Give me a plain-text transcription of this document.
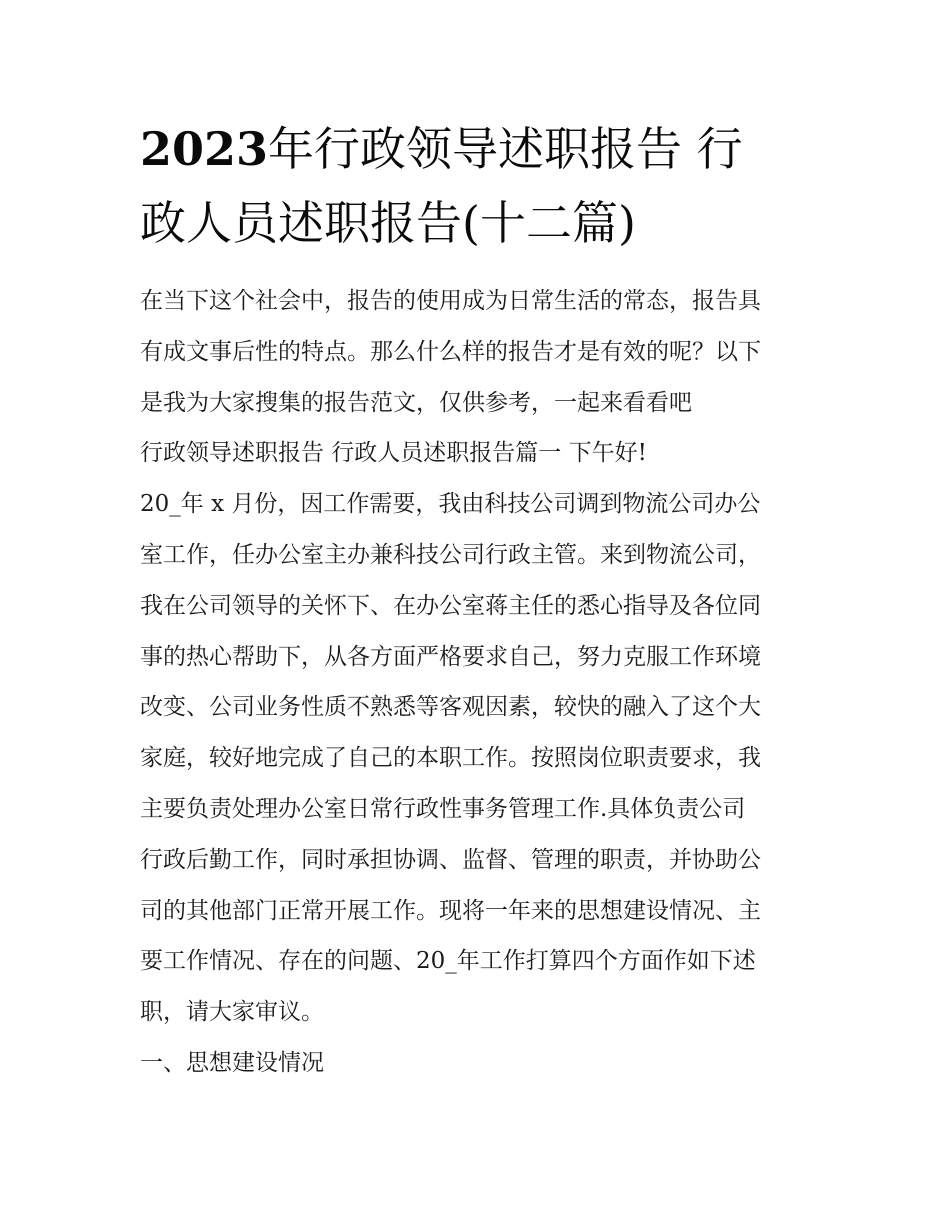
2023年行政领导述职报告 行
政人员述职报告(十二篇)
在当下这个社会中，报告的使用成为日常生活的常态，报告具
有成文事后性的特点。那么什么样的报告才是有效的呢？以下
是我为大家搜集的报告范文，仅供参考，一起来看看吧
行政领导述职报告 行政人员述职报告篇一 下午好!
20_年 x 月份，因工作需要，我由科技公司调到物流公司办公
室工作，任办公室主办兼科技公司行政主管。来到物流公司，
我在公司领导的关怀下、在办公室蒋主任的悉心指导及各位同
事的热心帮助下，从各方面严格要求自己，努力克服工作环境
改变、公司业务性质不熟悉等客观因素，较快的融入了这个大
家庭，较好地完成了自己的本职工作。按照岗位职责要求，我
主要负责处理办公室日常行政性事务管理工作.具体负责公司
行政后勤工作，同时承担协调、监督、管理的职责，并协助公
司的其他部门正常开展工作。现将一年来的思想建设情况、主
要工作情况、存在的问题、20_年工作打算四个方面作如下述
职，请大家审议。
一、思想建设情况
